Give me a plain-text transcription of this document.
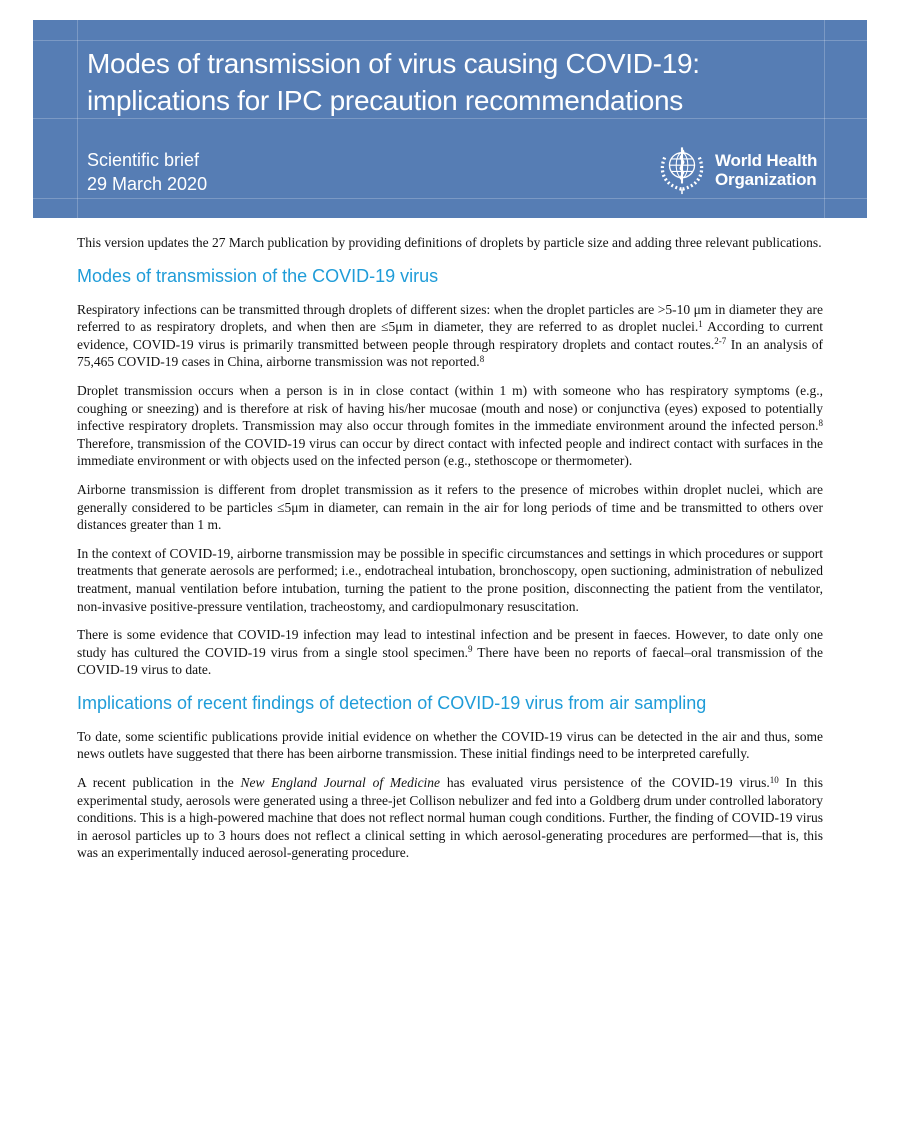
Modes of transmission of virus causing COVID-19:
implications for IPC precaution recommendations
Scientific brief
29 March 2020
World Health
Organization

This version updates the 27 March publication by providing definitions of droplets by particle size and adding three relevant publications.

Modes of transmission of the COVID-19 virus

Respiratory infections can be transmitted through droplets of different sizes: when the droplet particles are >5-10 μm in diameter they are referred to as respiratory droplets, and when then are ≤5μm in diameter, they are referred to as droplet nuclei.$^1$ According to current evidence, COVID-19 virus is primarily transmitted between people through respiratory droplets and contact routes.$^{2-7}$ In an analysis of 75,465 COVID-19 cases in China, airborne transmission was not reported.$^8$

Droplet transmission occurs when a person is in in close contact (within 1 m) with someone who has respiratory symptoms (e.g., coughing or sneezing) and is therefore at risk of having his/her mucosae (mouth and nose) or conjunctiva (eyes) exposed to potentially infective respiratory droplets. Transmission may also occur through fomites in the immediate environment around the infected person.$^8$ Therefore, transmission of the COVID-19 virus can occur by direct contact with infected people and indirect contact with surfaces in the immediate environment or with objects used on the infected person (e.g., stethoscope or thermometer).

Airborne transmission is different from droplet transmission as it refers to the presence of microbes within droplet nuclei, which are generally considered to be particles ≤5μm in diameter, can remain in the air for long periods of time and be transmitted to others over distances greater than 1 m.

In the context of COVID-19, airborne transmission may be possible in specific circumstances and settings in which procedures or support treatments that generate aerosols are performed; i.e., endotracheal intubation, bronchoscopy, open suctioning, administration of nebulized treatment, manual ventilation before intubation, turning the patient to the prone position, disconnecting the patient from the ventilator, non-invasive positive-pressure ventilation, tracheostomy, and cardiopulmonary resuscitation.

There is some evidence that COVID-19 infection may lead to intestinal infection and be present in faeces. However, to date only one study has cultured the COVID-19 virus from a single stool specimen.$^9$ There have been no reports of faecal–oral transmission of the COVID-19 virus to date.

Implications of recent findings of detection of COVID-19 virus from air sampling

To date, some scientific publications provide initial evidence on whether the COVID-19 virus can be detected in the air and thus, some news outlets have suggested that there has been airborne transmission. These initial findings need to be interpreted carefully.

A recent publication in the New England Journal of Medicine has evaluated virus persistence of the COVID-19 virus.$^{10}$ In this experimental study, aerosols were generated using a three-jet Collison nebulizer and fed into a Goldberg drum under controlled laboratory conditions. This is a high-powered machine that does not reflect normal human cough conditions. Further, the finding of COVID-19 virus in aerosol particles up to 3 hours does not reflect a clinical setting in which aerosol-generating procedures are performed—that is, this was an experimentally induced aerosol-generating procedure.
